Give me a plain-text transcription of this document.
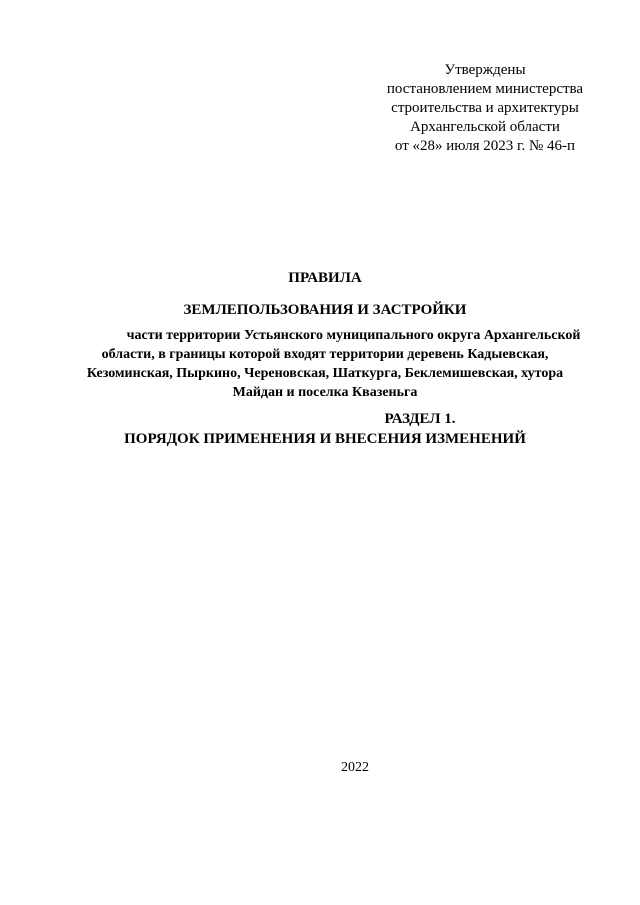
Утверждены
постановлением министерства
строительства и архитектуры
Архангельской области
от «28» июля 2023 г. № 46-п
ПРАВИЛА
ЗЕМЛЕПОЛЬЗОВАНИЯ И ЗАСТРОЙКИ
части территории Устьянского муниципального округа Архангельской
области, в границы которой входят территории деревень Кадыевская,
Кезоминская, Пыркино, Череновская, Шаткурга, Беклемишевская, хутора
Майдан и поселка Квазеньга
РАЗДЕЛ 1.
ПОРЯДОК ПРИМЕНЕНИЯ И ВНЕСЕНИЯ ИЗМЕНЕНИЙ
2022
